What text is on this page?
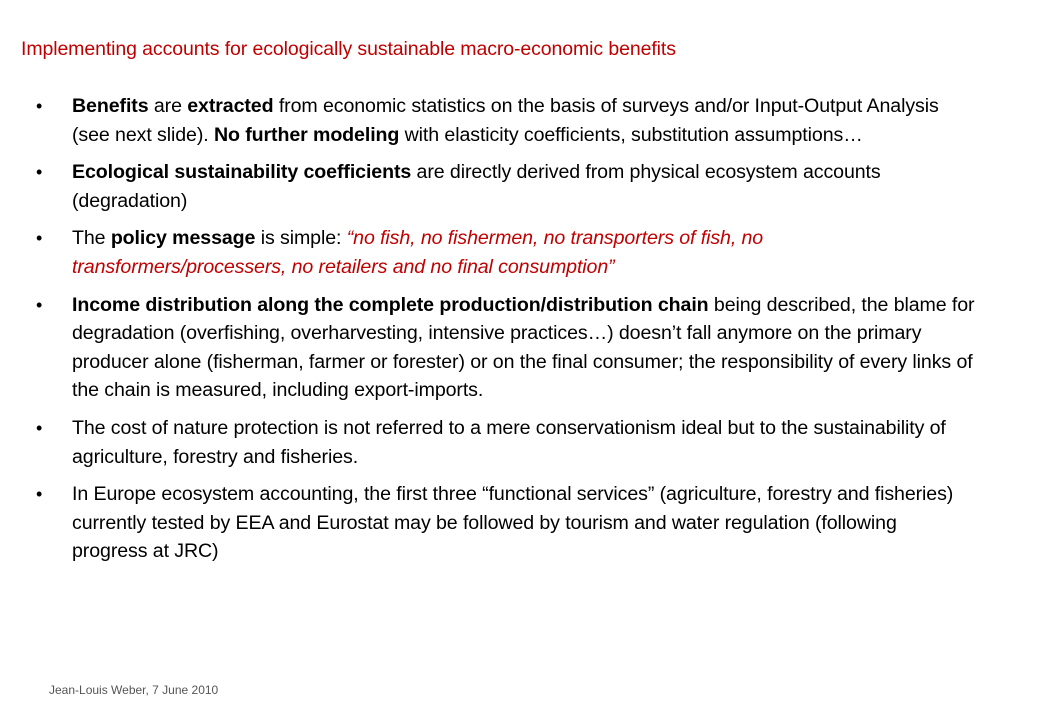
Implementing accounts for ecologically sustainable macro-economic benefits
• Benefits are extracted from economic statistics on the basis of surveys and/or Input-Output Analysis (see next slide). No further modeling with elasticity coefficients, substitution assumptions…
• Ecological sustainability coefficients are directly derived from physical ecosystem accounts (degradation)
• The policy message is simple: “no fish, no fishermen, no transporters of fish, no transformers/processers, no retailers and no final consumption”
• Income distribution along the complete production/distribution chain being described, the blame for degradation (overfishing, overharvesting, intensive practices…) doesn’t fall anymore on the primary producer alone (fisherman, farmer or forester) or on the final consumer; the responsibility of every links of the chain is measured, including export-imports.
• The cost of nature protection is not referred to a mere conservationism ideal but to the sustainability of agriculture, forestry and fisheries.
• In Europe ecosystem accounting, the first three “functional services” (agriculture, forestry and fisheries) currently tested by EEA and Eurostat may be followed by tourism and water regulation (following progress at JRC)
Jean-Louis Weber, 7 June 2010
